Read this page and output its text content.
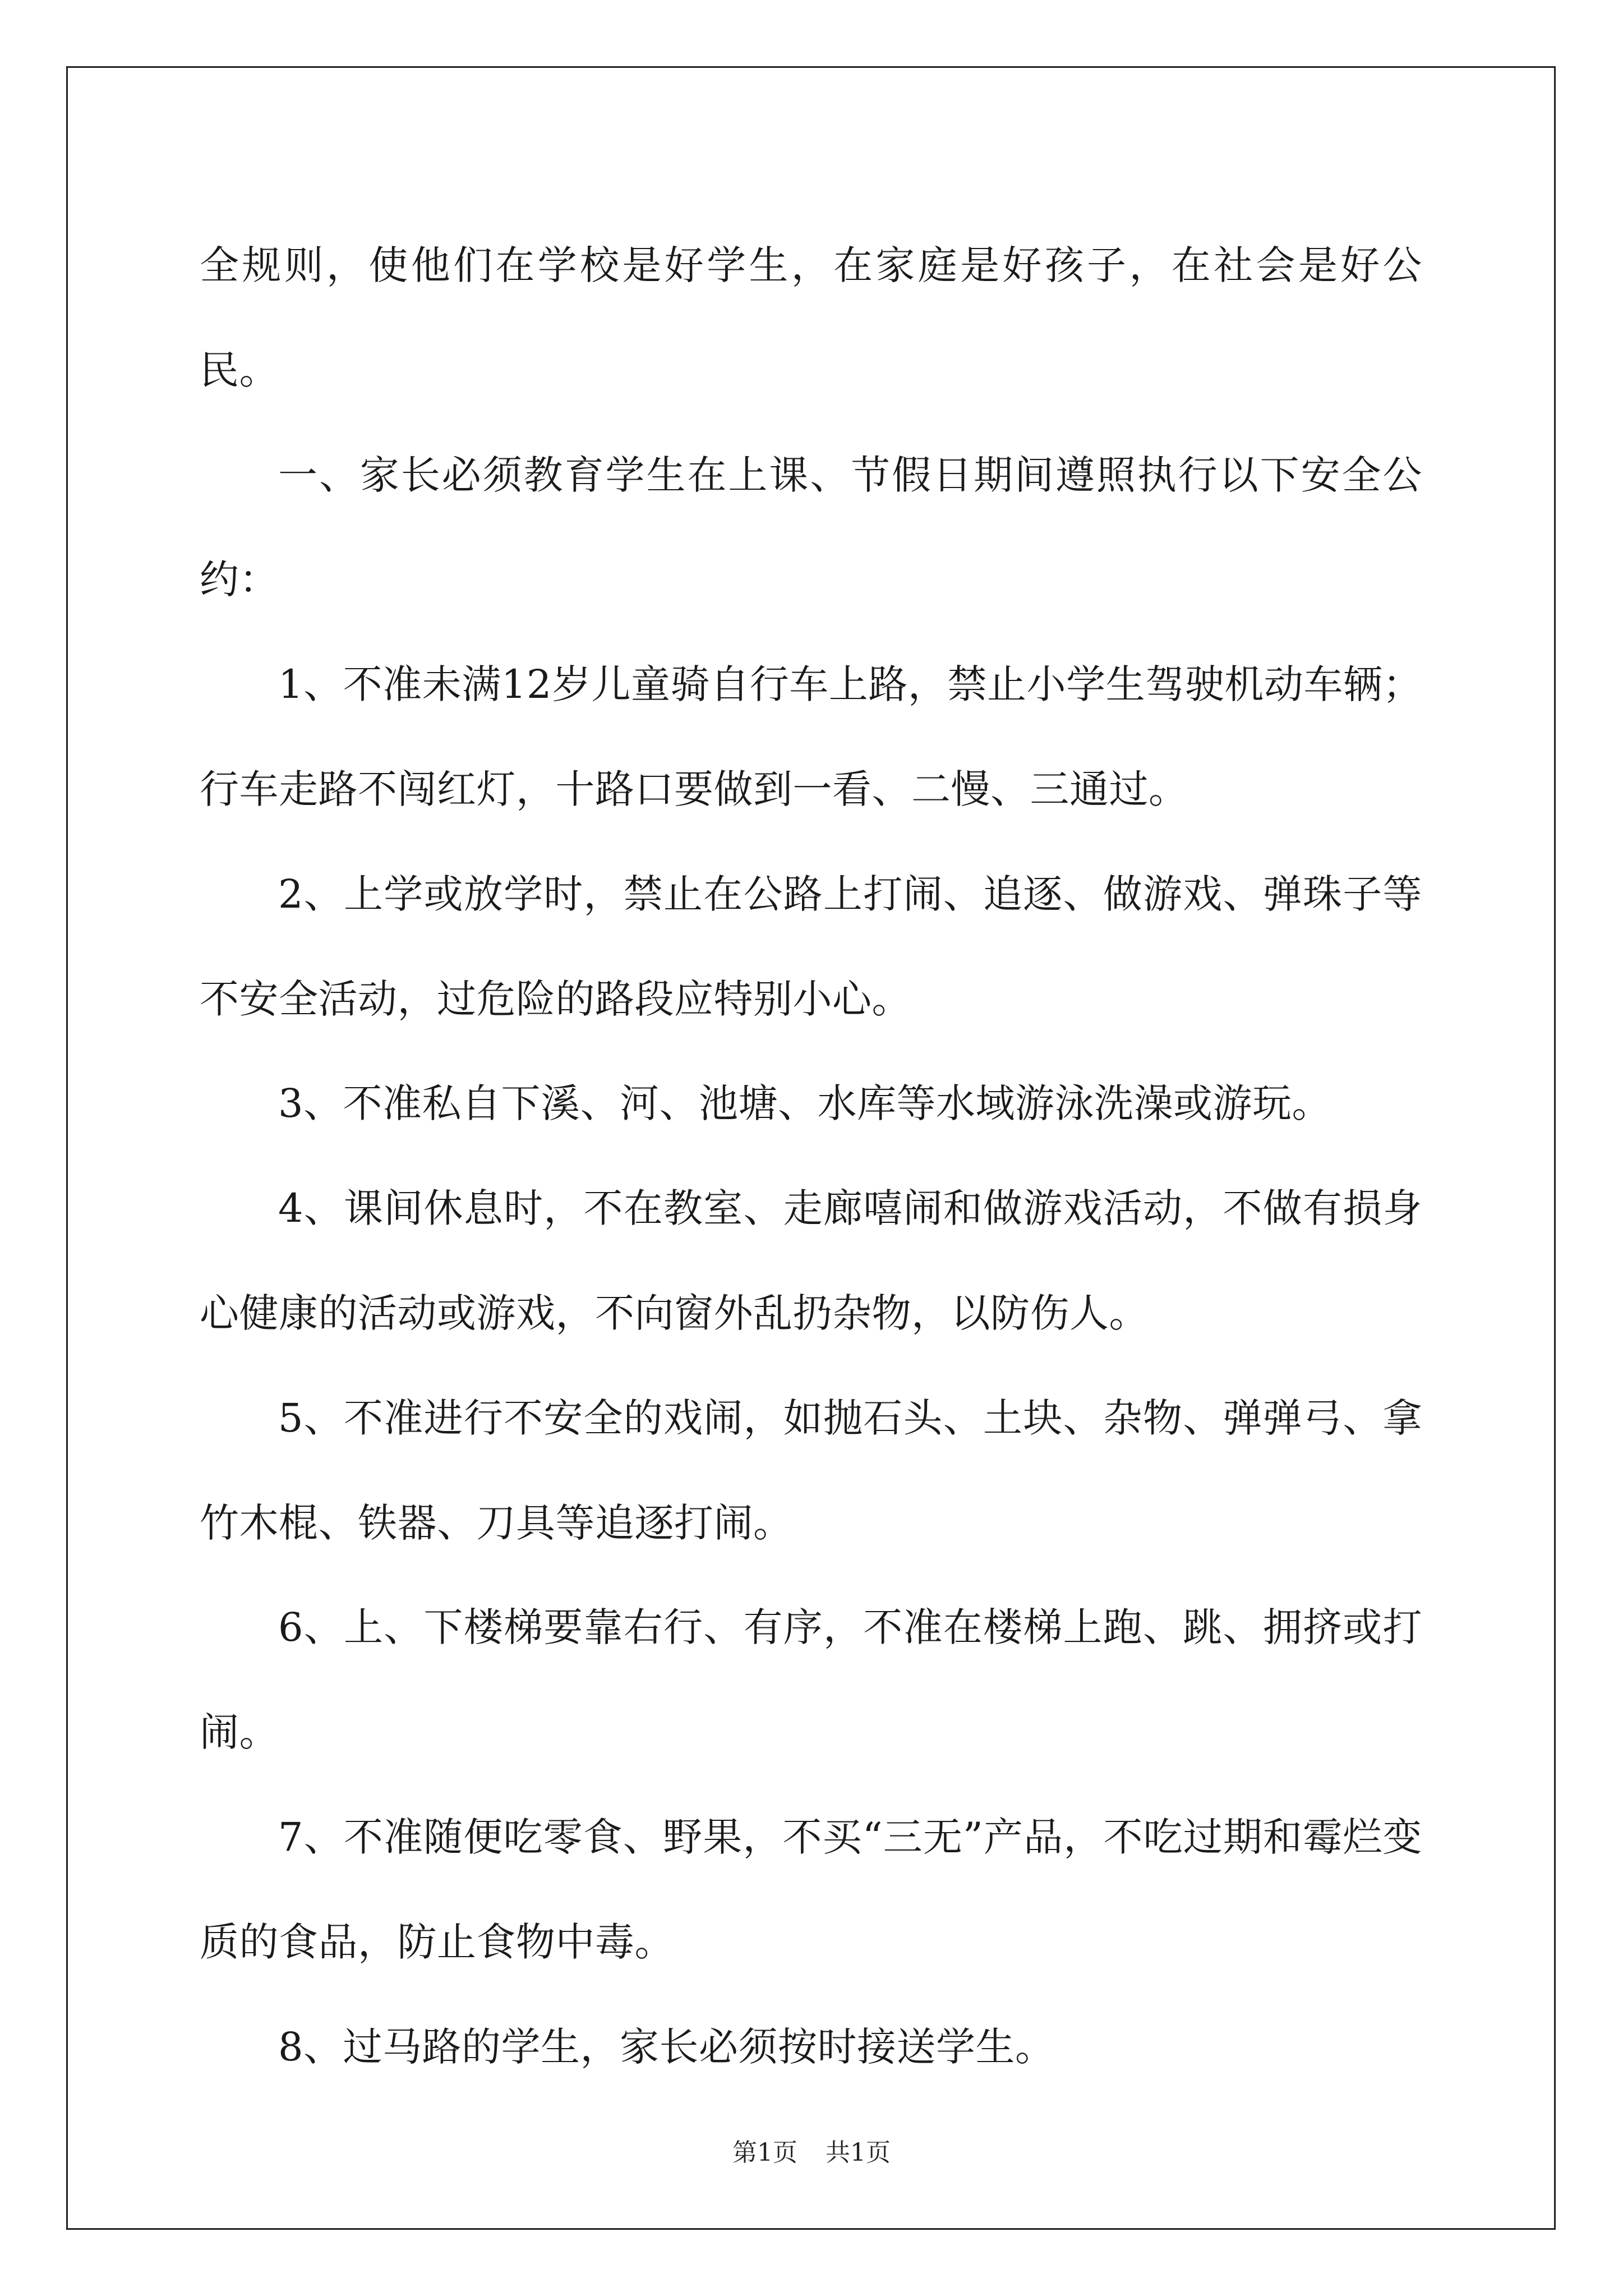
全规则，使他们在学校是好学生，在家庭是好孩子，在社会是好公民。

一、家长必须教育学生在上课、节假日期间遵照执行以下安全公约：

1、不准未满12岁儿童骑自行车上路，禁止小学生驾驶机动车辆；行车走路不闯红灯，十路口要做到一看、二慢、三通过。

2、上学或放学时，禁止在公路上打闹、追逐、做游戏、弹珠子等不安全活动，过危险的路段应特别小心。

3、不准私自下溪、河、池塘、水库等水域游泳洗澡或游玩。

4、课间休息时，不在教室、走廊嘻闹和做游戏活动，不做有损身心健康的活动或游戏，不向窗外乱扔杂物，以防伤人。

5、不准进行不安全的戏闹，如抛石头、土块、杂物、弹弹弓、拿竹木棍、铁器、刀具等追逐打闹。

6、上、下楼梯要靠右行、有序，不准在楼梯上跑、跳、拥挤或打闹。

7、不准随便吃零食、野果，不买“三无”产品，不吃过期和霉烂变质的食品，防止食物中毒。

8、过马路的学生，家长必须按时接送学生。

第1页 共1页
